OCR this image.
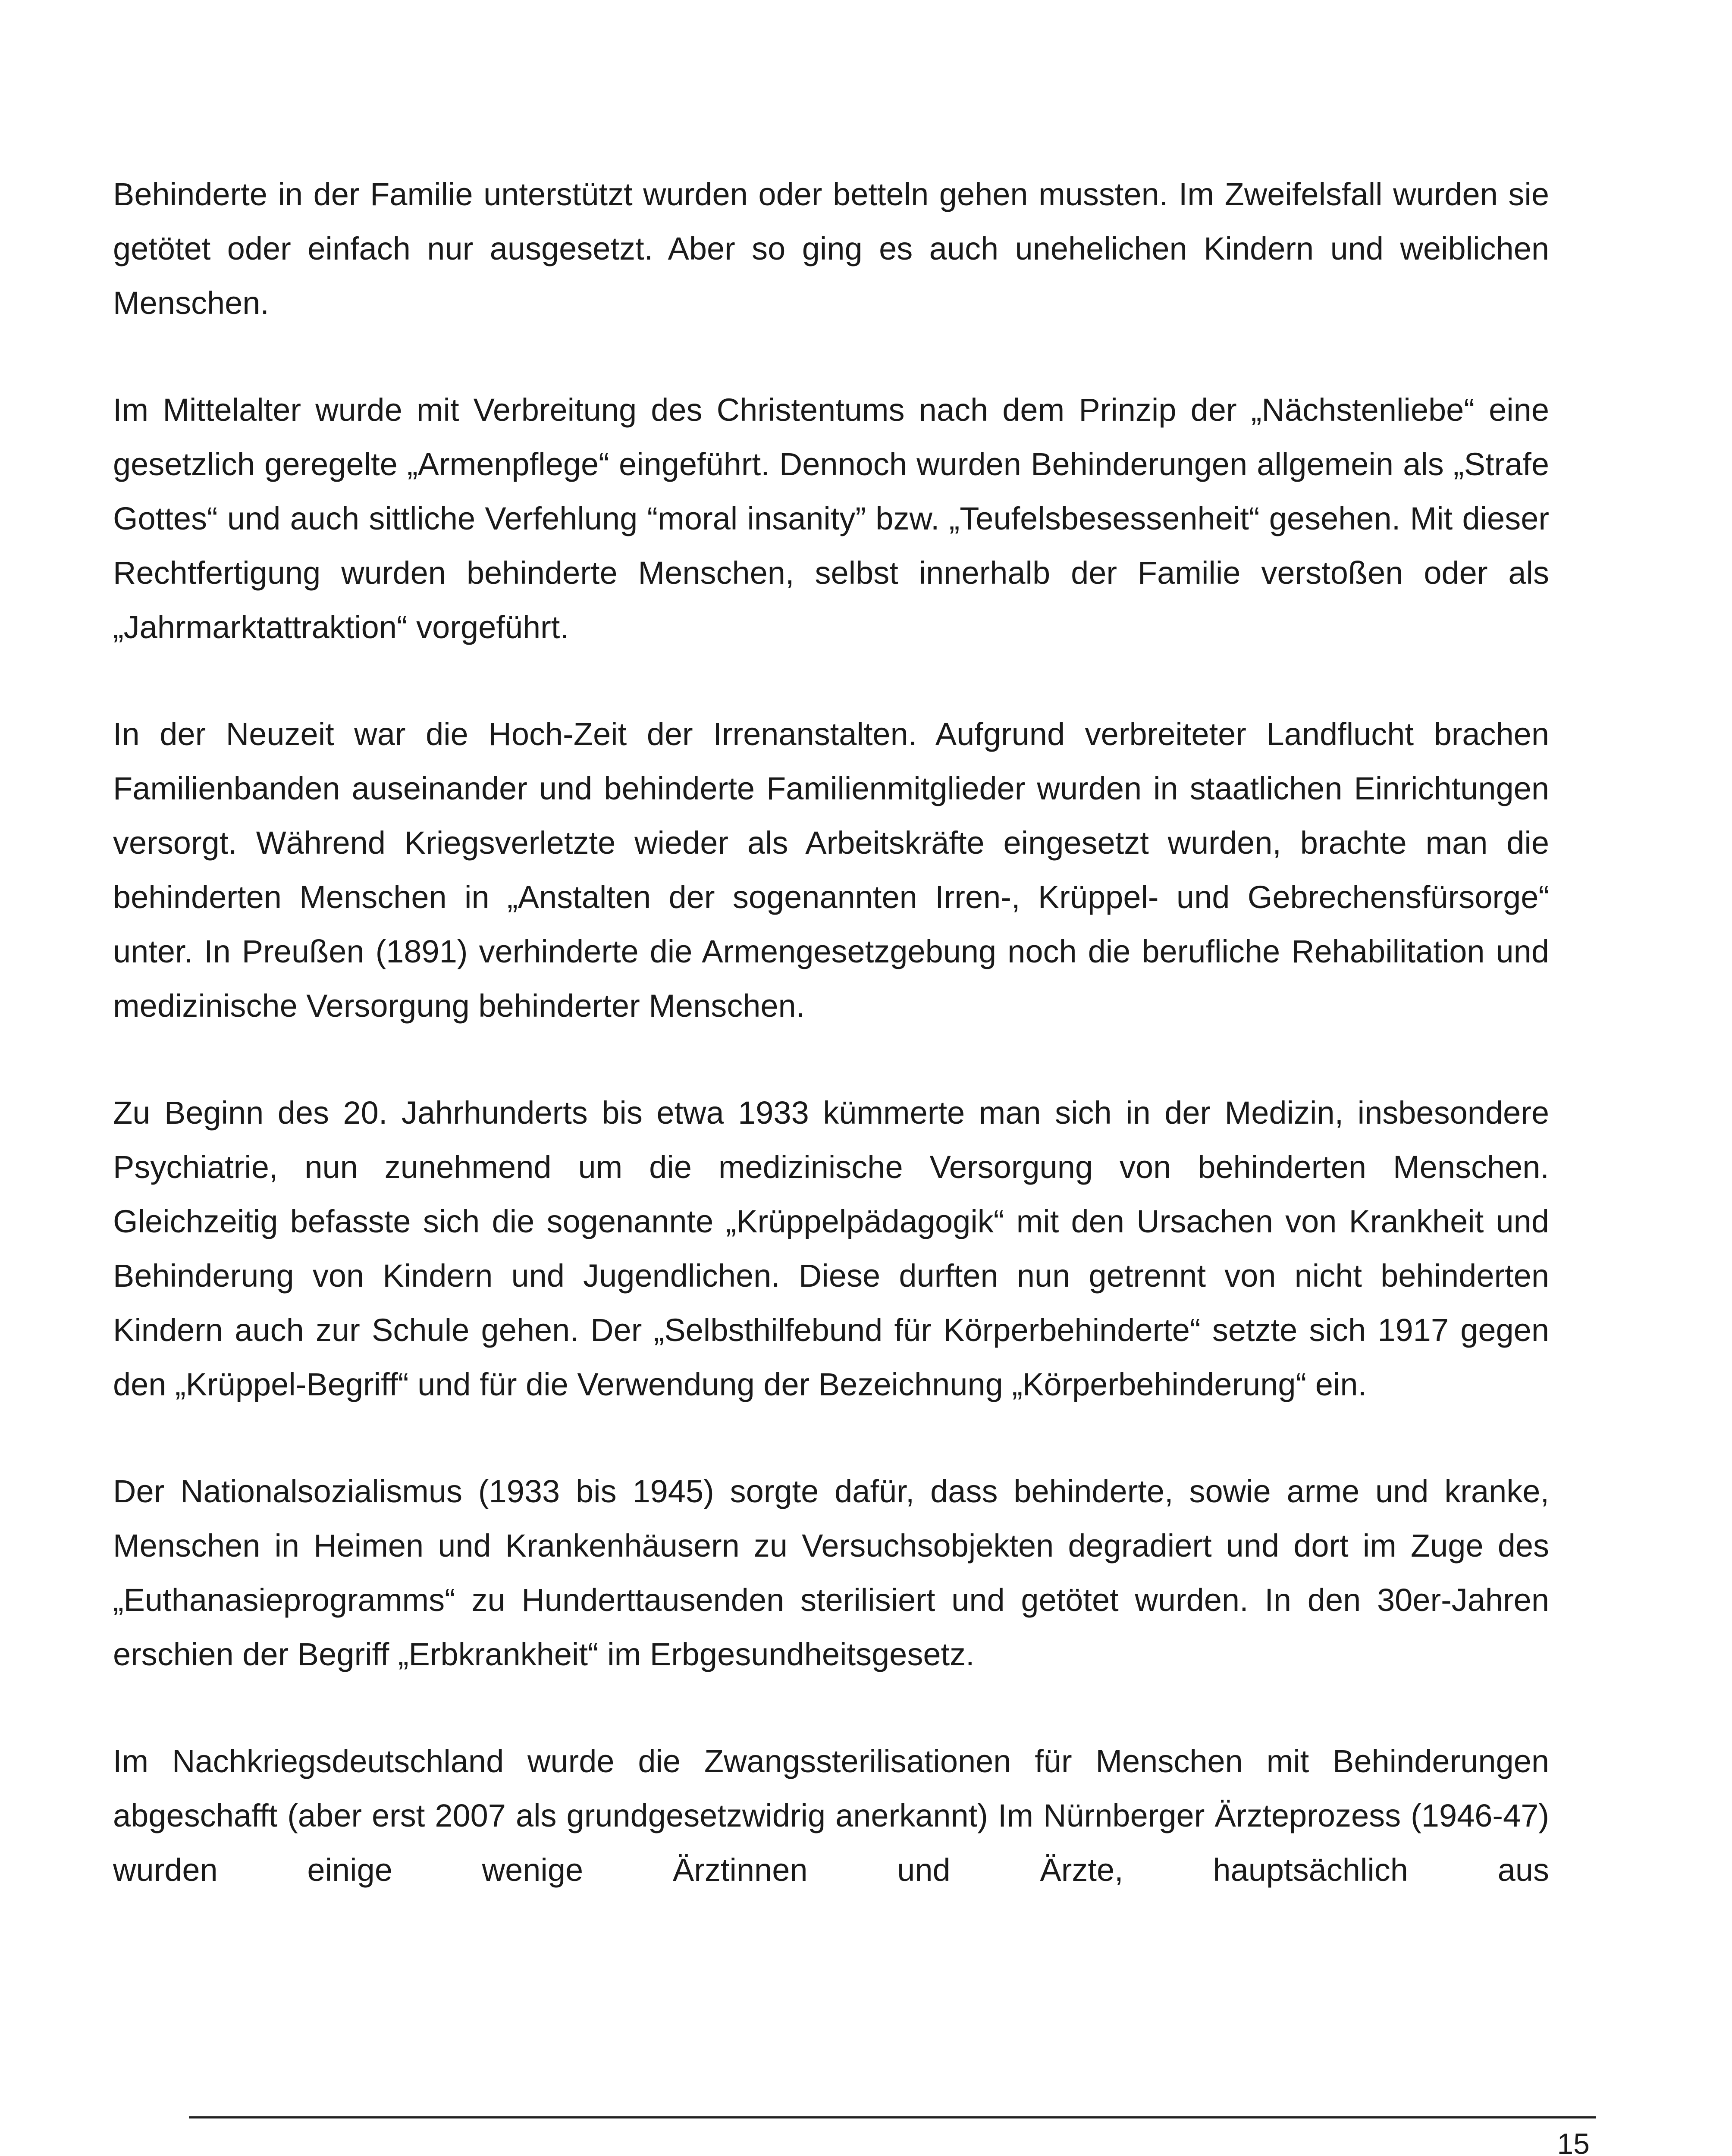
Behinderte in der Familie unterstützt wurden oder betteln gehen mussten. Im Zweifelsfall wurden sie getötet oder einfach nur ausgesetzt. Aber so ging es auch unehelichen Kindern und weiblichen Menschen.

Im Mittelalter wurde mit Verbreitung des Christentums nach dem Prinzip der „Nächstenliebe“ eine gesetzlich geregelte „Armenpflege“ eingeführt. Dennoch wurden Behinderungen allgemein als „Strafe Gottes“ und auch sittliche Verfehlung “moral insanity” bzw. „Teufelsbesessenheit“ gesehen. Mit dieser Rechtfertigung wurden behinderte Menschen, selbst innerhalb der Familie verstoßen oder als „Jahrmarktattraktion“ vorgeführt.

In der Neuzeit war die Hoch-Zeit der Irrenanstalten. Aufgrund verbreiteter Landflucht brachen Familienbanden auseinander und behinderte Familienmitglieder wurden in staatlichen Einrichtungen versorgt. Während Kriegsverletzte wieder als Arbeitskräfte eingesetzt wurden, brachte man die behinderten Menschen in „Anstalten der sogenannten Irren-, Krüppel- und Gebrechensfürsorge“ unter. In Preußen (1891) verhinderte die Armengesetzgebung noch die berufliche Rehabilitation und medizinische Versorgung behinderter Menschen.

Zu Beginn des 20. Jahrhunderts bis etwa 1933 kümmerte man sich in der Medizin, insbesondere Psychiatrie, nun zunehmend um die medizinische Versorgung von behinderten Menschen. Gleichzeitig befasste sich die sogenannte „Krüppelpädagogik“ mit den Ursachen von Krankheit und Behinderung von Kindern und Jugendlichen. Diese durften nun getrennt von nicht behinderten Kindern auch zur Schule gehen. Der „Selbsthilfebund für Körperbehinderte“ setzte sich 1917 gegen den „Krüppel-Begriff“ und für die Verwendung der Bezeichnung „Körperbehinderung“ ein.

Der Nationalsozialismus (1933 bis 1945) sorgte dafür, dass behinderte, sowie arme und kranke, Menschen in Heimen und Krankenhäusern zu Versuchsobjekten degradiert und dort im Zuge des „Euthanasieprogramms“ zu Hunderttausenden sterilisiert und getötet wurden. In den 30er-Jahren erschien der Begriff „Erbkrankheit“ im Erbgesundheitsgesetz.

Im Nachkriegsdeutschland wurde die Zwangssterilisationen für Menschen mit Behinderungen abgeschafft (aber erst 2007 als grundgesetzwidrig anerkannt) Im Nürnberger Ärzteprozess (1946-47) wurden einige wenige Ärztinnen und Ärzte, hauptsächlich aus

15
